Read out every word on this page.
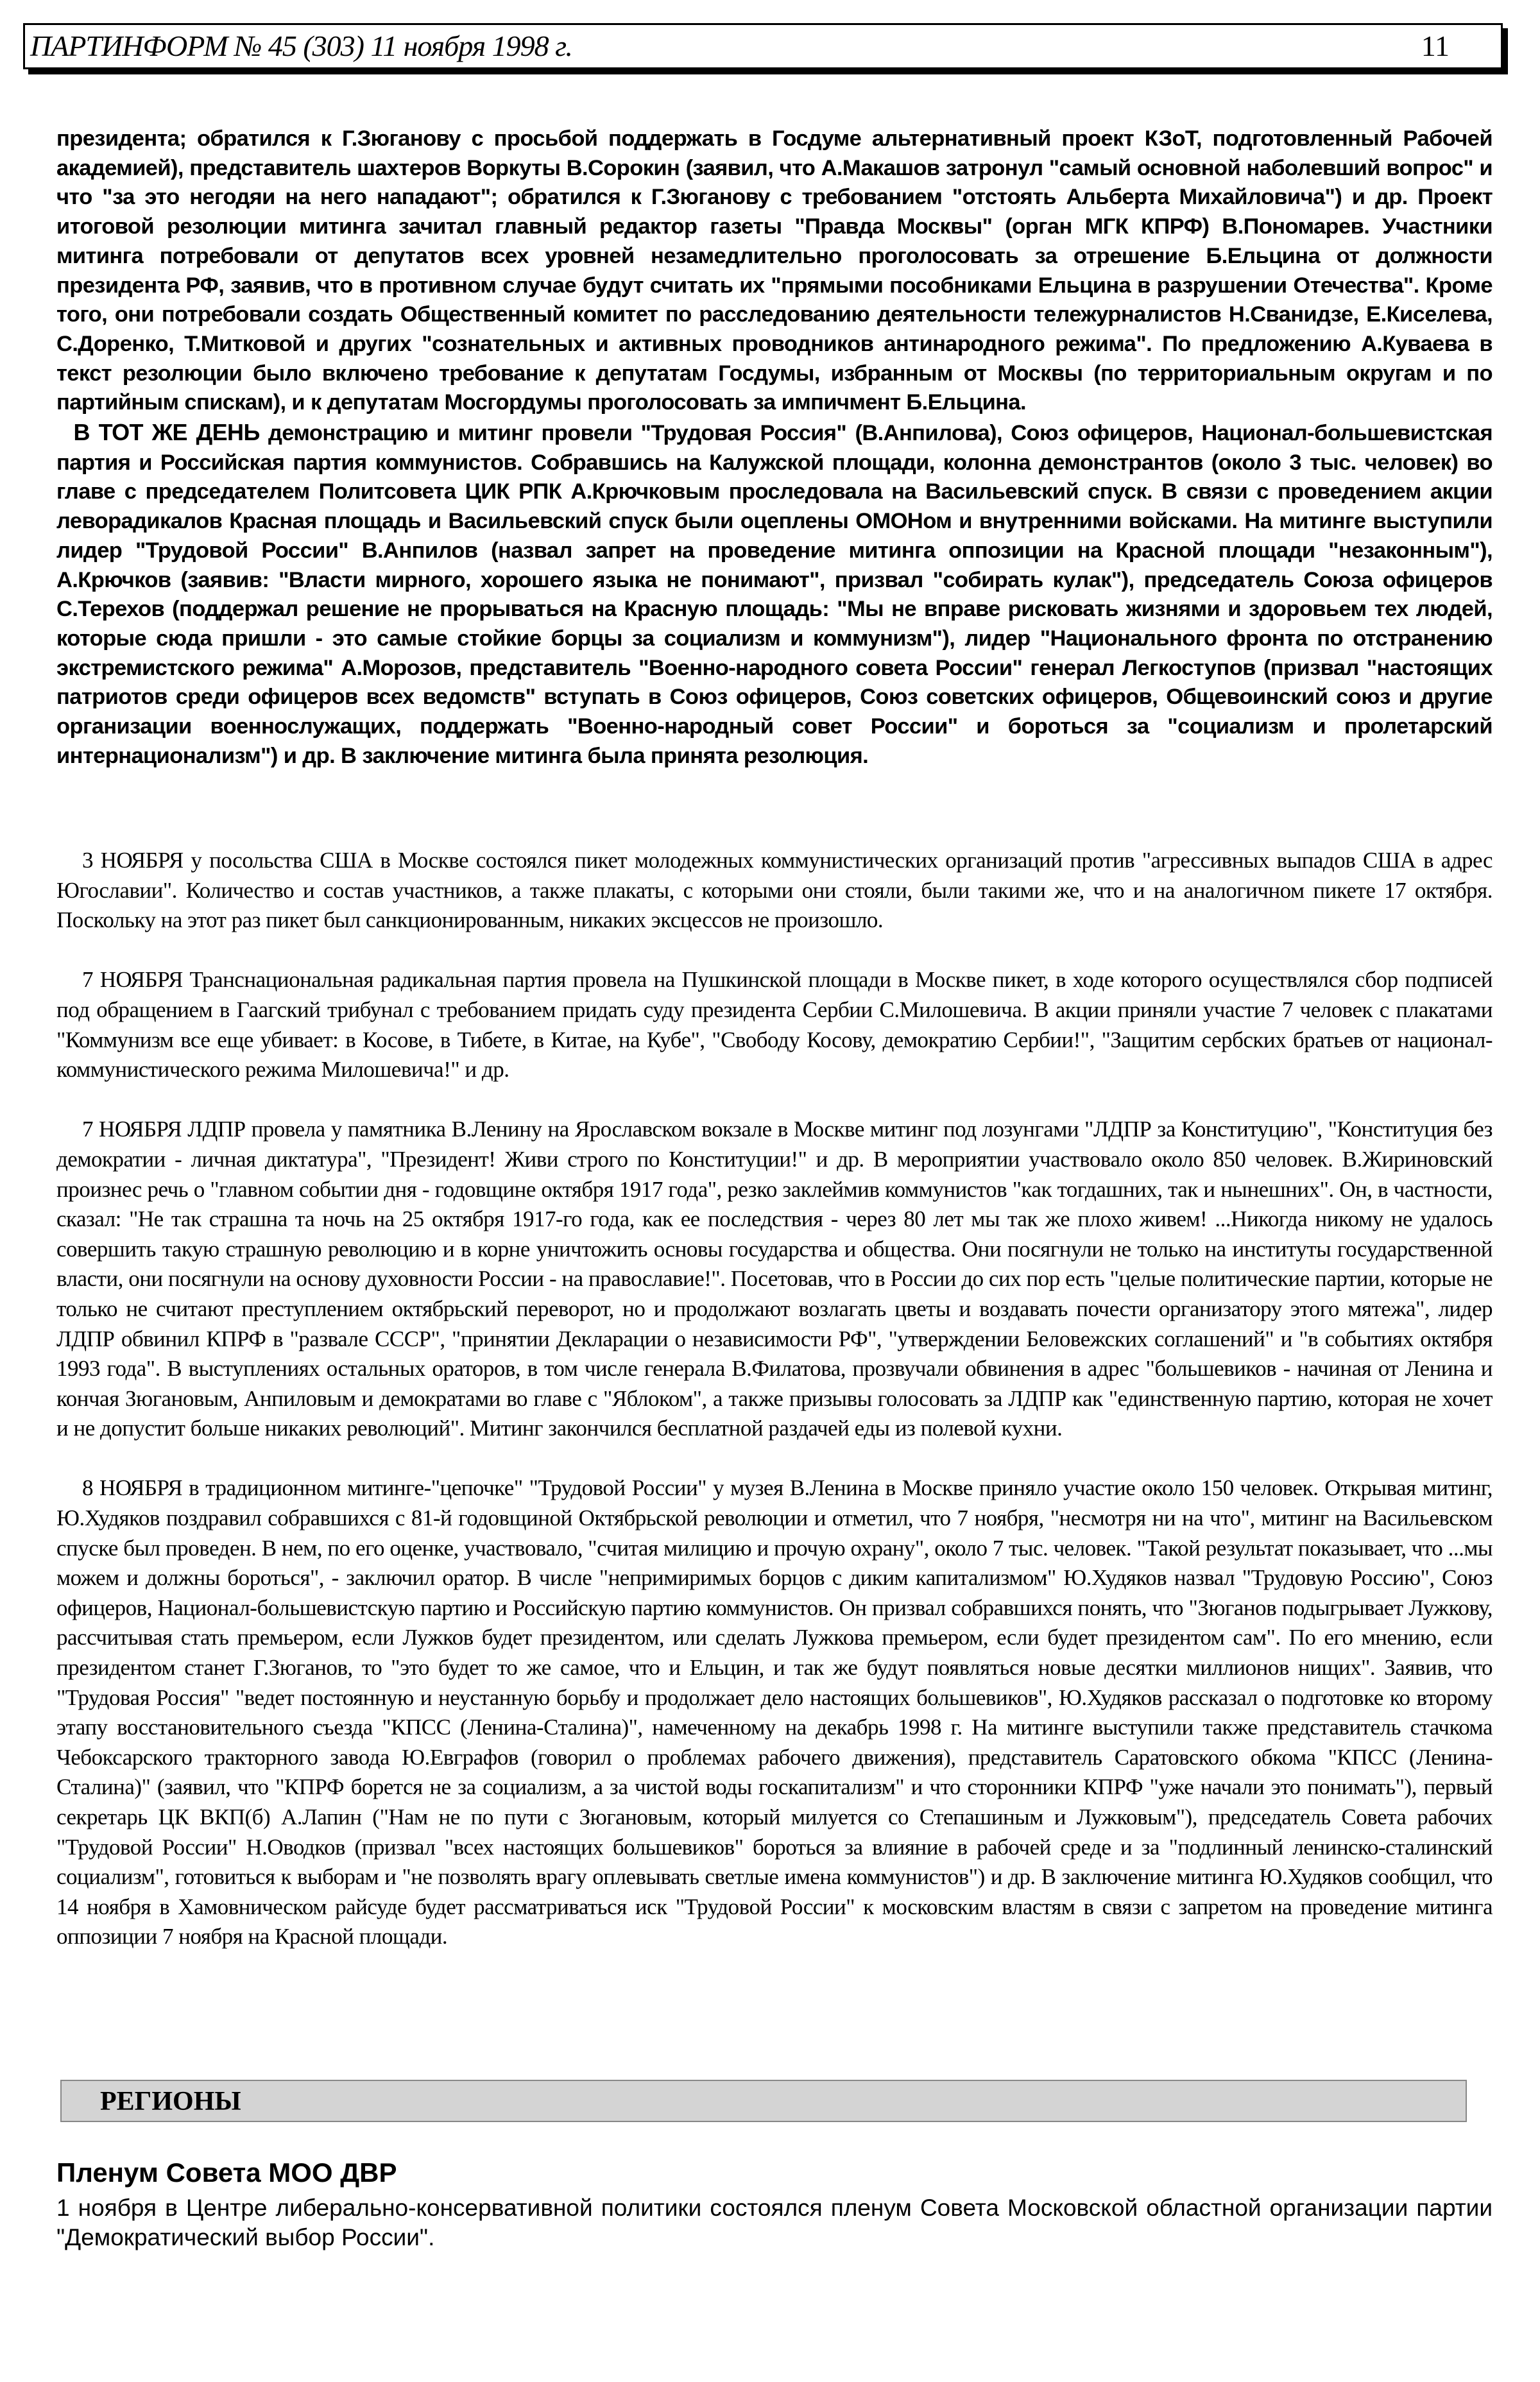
ПАРТИНФОРМ № 45 (303) 11 ноября 1998 г.	11

президента; обратился к Г.Зюганову с просьбой поддержать в Госдуме альтернативный проект КЗоТ, подготовленный Рабочей академией), представитель шахтеров Воркуты В.Сорокин (заявил, что А.Макашов затронул "самый основной наболевший вопрос" и что "за это негодяи на него нападают"; обратился к Г.Зюганову с требованием "отстоять Альберта Михайловича") и др. Проект итоговой резолюции митинга зачитал главный редактор газеты "Правда Москвы" (орган МГК КПРФ) В.Пономарев. Участники митинга потребовали от депутатов всех уровней незамедлительно проголосовать за отрешение Б.Ельцина от должности президента РФ, заявив, что в противном случае будут считать их "прямыми пособниками Ельцина в разрушении Отечества". Кроме того, они потребовали создать Общественный комитет по расследованию деятельности тележурналистов Н.Сванидзе, Е.Киселева, С.Доренко, Т.Митковой и других "сознательных и активных проводников антинародного режима". По предложению А.Куваева в текст резолюции было включено требование к депутатам Госдумы, избранным от Москвы (по территориальным округам и по партийным спискам), и к депутатам Мосгордумы проголосовать за импичмент Б.Ельцина.

В ТОТ ЖЕ ДЕНЬ демонстрацию и митинг провели "Трудовая Россия" (В.Анпилова), Союз офицеров, Национал-большевистская партия и Российская партия коммунистов. Собравшись на Калужской площади, колонна демонстрантов (около 3 тыс. человек) во главе с председателем Политсовета ЦИК РПК А.Крючковым проследовала на Васильевский спуск. В связи с проведением акции леворадикалов Красная площадь и Васильевский спуск были оцеплены ОМОНом и внутренними войсками. На митинге выступили лидер "Трудовой России" В.Анпилов (назвал запрет на проведение митинга оппозиции на Красной площади "незаконным"), А.Крючков (заявив: "Власти мирного, хорошего языка не понимают", призвал "собирать кулак"), председатель Союза офицеров С.Терехов (поддержал решение не прорываться на Красную площадь: "Мы не вправе рисковать жизнями и здоровьем тех людей, которые сюда пришли - это самые стойкие борцы за социализм и коммунизм"), лидер "Национального фронта по отстранению экстремистского режима" А.Морозов, представитель "Военно-народного совета России" генерал Легкоступов (призвал "настоящих патриотов среди офицеров всех ведомств" вступать в Союз офицеров, Союз советских офицеров, Общевоинский союз и другие организации военнослужащих, поддержать "Военно-народный совет России" и бороться за "социализм и пролетарский интернационализм") и др. В заключение митинга была принята резолюция.

3 НОЯБРЯ у посольства США в Москве состоялся пикет молодежных коммунистических организаций против "агрессивных выпадов США в адрес Югославии". Количество и состав участников, а также плакаты, с которыми они стояли, были такими же, что и на аналогичном пикете 17 октября. Поскольку на этот раз пикет был санкционированным, никаких эксцессов не произошло.

7 НОЯБРЯ Транснациональная радикальная партия провела на Пушкинской площади в Москве пикет, в ходе которого осуществлялся сбор подписей под обращением в Гаагский трибунал с требованием придать суду президента Сербии С.Милошевича. В акции приняли участие 7 человек с плакатами "Коммунизм все еще убивает: в Косове, в Тибете, в Китае, на Кубе", "Свободу Косову, демократию Сербии!", "Защитим сербских братьев от национал-коммунистического режима Милошевича!" и др.

7 НОЯБРЯ ЛДПР провела у памятника В.Ленину на Ярославском вокзале в Москве митинг под лозунгами "ЛДПР за Конституцию", "Конституция без демократии - личная диктатура", "Президент! Живи строго по Конституции!" и др. В мероприятии участвовало около 850 человек. В.Жириновский произнес речь о "главном событии дня - годовщине октября 1917 года", резко заклеймив коммунистов "как тогдашних, так и нынешних". Он, в частности, сказал: "Не так страшна та ночь на 25 октября 1917-го года, как ее последствия - через 80 лет мы так же плохо живем! ...Никогда никому не удалось совершить такую страшную революцию и в корне уничтожить основы государства и общества. Они посягнули не только на институты государственной власти, они посягнули на основу духовности России - на православие!". Посетовав, что в России до сих пор есть "целые политические партии, которые не только не считают преступлением октябрьский переворот, но и продолжают возлагать цветы и воздавать почести организатору этого мятежа", лидер ЛДПР обвинил КПРФ в "развале СССР", "принятии Декларации о независимости РФ", "утверждении Беловежских соглашений" и "в событиях октября 1993 года". В выступлениях остальных ораторов, в том числе генерала В.Филатова, прозвучали обвинения в адрес "большевиков - начиная от Ленина и кончая Зюгановым, Анпиловым и демократами во главе с "Яблоком", а также призывы голосовать за ЛДПР как "единственную партию, которая не хочет и не допустит больше никаких революций". Митинг закончился бесплатной раздачей еды из полевой кухни.

8 НОЯБРЯ в традиционном митинге-"цепочке" "Трудовой России" у музея В.Ленина в Москве приняло участие около 150 человек. Открывая митинг, Ю.Худяков поздравил собравшихся с 81-й годовщиной Октябрьской революции и отметил, что 7 ноября, "несмотря ни на что", митинг на Васильевском спуске был проведен. В нем, по его оценке, участвовало, "считая милицию и прочую охрану", около 7 тыс. человек. "Такой результат показывает, что ...мы можем и должны бороться", - заключил оратор. В числе "непримиримых борцов с диким капитализмом" Ю.Худяков назвал "Трудовую Россию", Союз офицеров, Национал-большевистскую партию и Российскую партию коммунистов. Он призвал собравшихся понять, что "Зюганов подыгрывает Лужкову, рассчитывая стать премьером, если Лужков будет президентом, или сделать Лужкова премьером, если будет президентом сам". По его мнению, если президентом станет Г.Зюганов, то "это будет то же самое, что и Ельцин, и так же будут появляться новые десятки миллионов нищих". Заявив, что "Трудовая Россия" "ведет постоянную и неустанную борьбу и продолжает дело настоящих большевиков", Ю.Худяков рассказал о подготовке ко второму этапу восстановительного съезда "КПСС (Ленина-Сталина)", намеченному на декабрь 1998 г. На митинге выступили также представитель стачкома Чебоксарского тракторного завода Ю.Евграфов (говорил о проблемах рабочего движения), представитель Саратовского обкома "КПСС (Ленина-Сталина)" (заявил, что "КПРФ борется не за социализм, а за чистой воды госкапитализм" и что сторонники КПРФ "уже начали это понимать"), первый секретарь ЦК ВКП(б) А.Лапин ("Нам не по пути с Зюгановым, который милуется со Степашиным и Лужковым"), председатель Совета рабочих "Трудовой России" Н.Оводков (призвал "всех настоящих большевиков" бороться за влияние в рабочей среде и за "подлинный ленинско-сталинский социализм", готовиться к выборам и "не позволять врагу оплевывать светлые имена коммунистов") и др. В заключение митинга Ю.Худяков сообщил, что 14 ноября в Хамовническом райсуде будет рассматриваться иск "Трудовой России" к московским властям в связи с запретом на проведение митинга оппозиции 7 ноября на Красной площади.

РЕГИОНЫ
Пленум Совета МОО ДВР
1 ноября в Центре либерально-консервативной политики состоялся пленум Совета Московской областной организации партии "Демократический выбор России".
